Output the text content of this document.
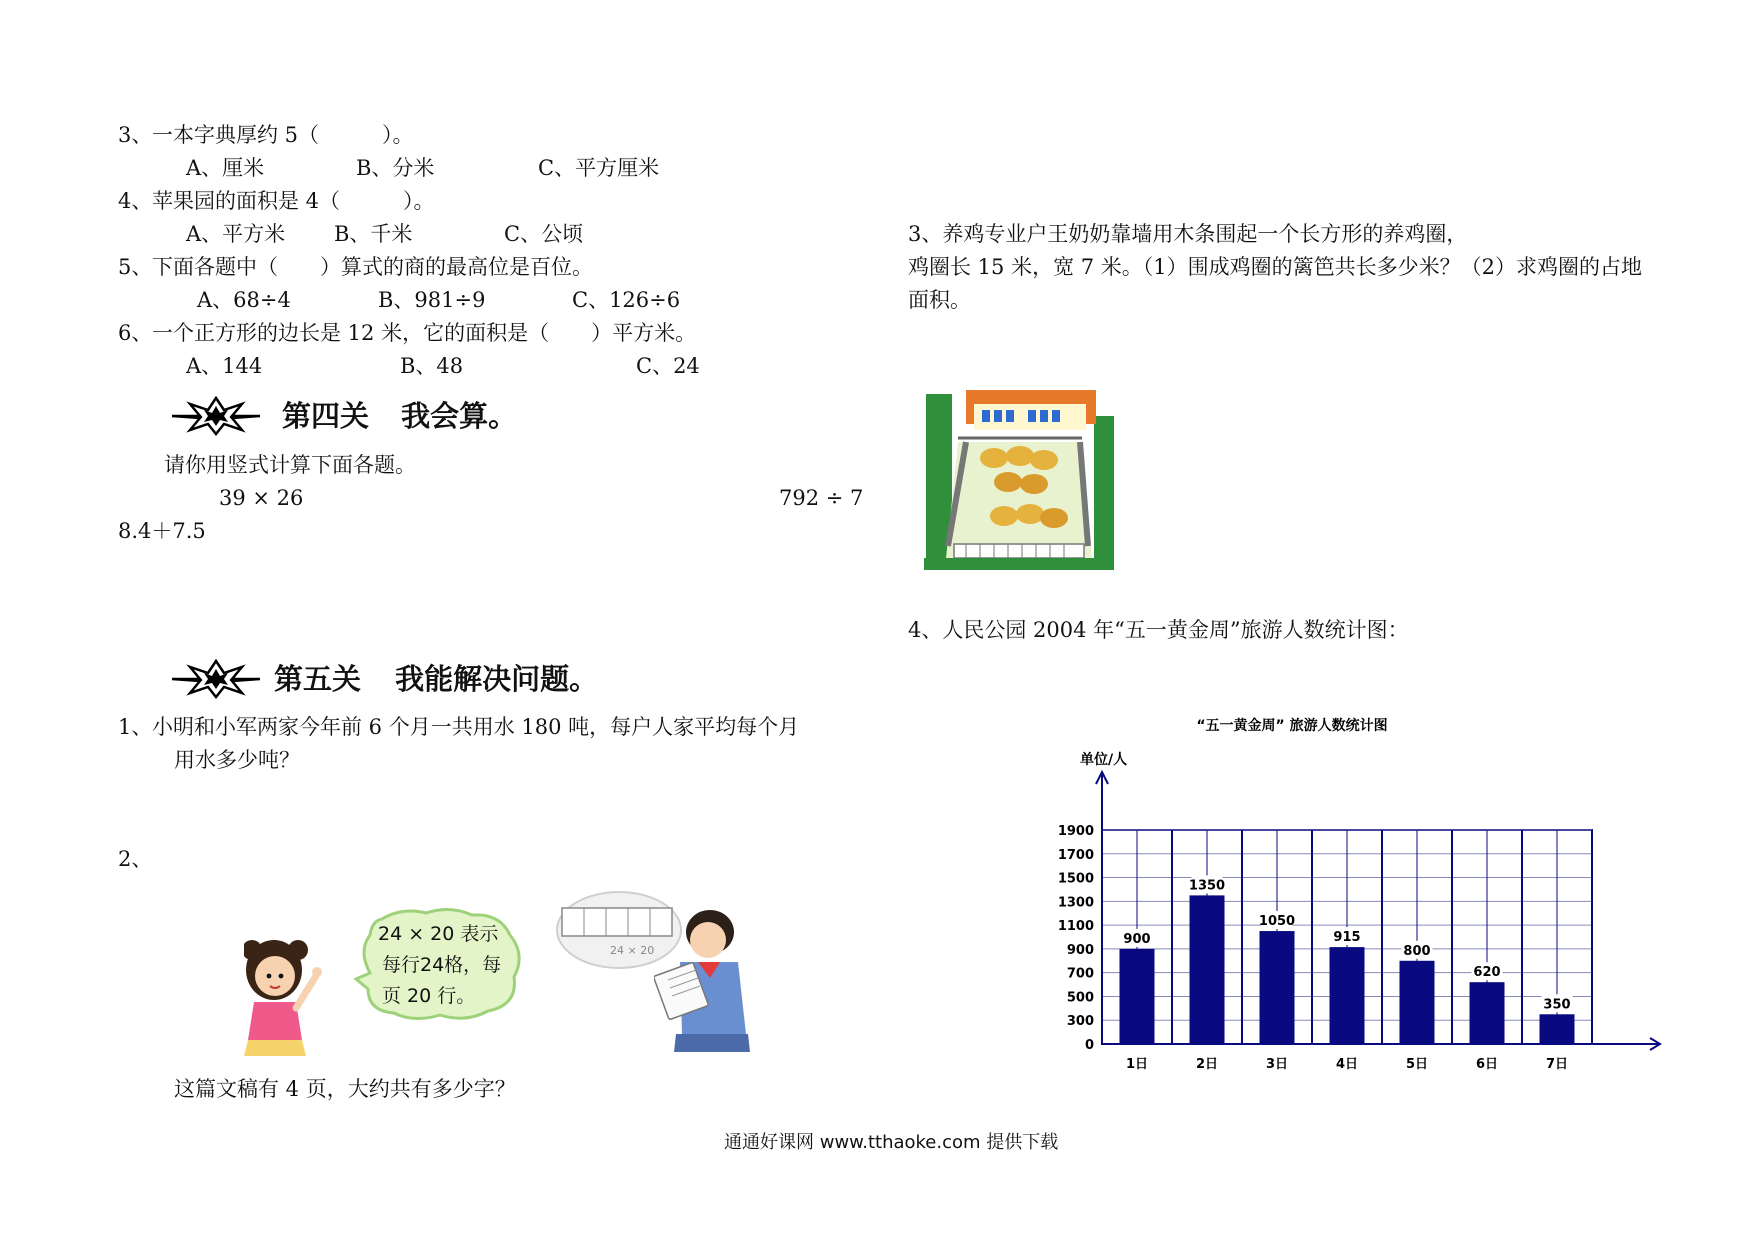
3、 一本字典厚约 5（　　　）。
A、厘米	B、分米	C、平方厘米
4、 苹果园的面积是 4（　　　）。
A、平方米 B、千米	C、公顷
5、 下面各题中（　　）算式的商的最高位是百位。
A、68÷4	B、981÷9	C、126÷6
6、 一个正方形的边长是 12 米，它的面积是（　　）平方米。
A、144	B、48	C、24
第四关 我会算。
请你用竖式计算下面各题。
39 × 26	792 ÷ 7
8.4＋7.5
第五关 我能解决问题。
1、 小明和小军两家今年前 6 个月一共用水 180 吨，每户人家平均每个月
用水多少吨？
2、
24 × 20 表示
每行24格，每
页 20 行。
24 × 20
这篇文稿有 4 页，大约共有多少字？
3、养鸡专业户王奶奶靠墙用木条围起一个长方形的养鸡圈，
鸡圈长 15 米，宽 7 米。（1）围成鸡圈的篱笆共长多少米？（2）求鸡圈的占地
面积。
4、人民公园 2004 年“五一黄金周”旅游人数统计图：
“五一黄金周” 旅游人数统计图
单位/人
900
1350
1050
915
800
620
350
0
300
500
700
900
1100
1300
1500
1700
1900
1日	2日	3日	4日	5日	6日	7日
通通好课网 www.tthaoke.com 提供下载
